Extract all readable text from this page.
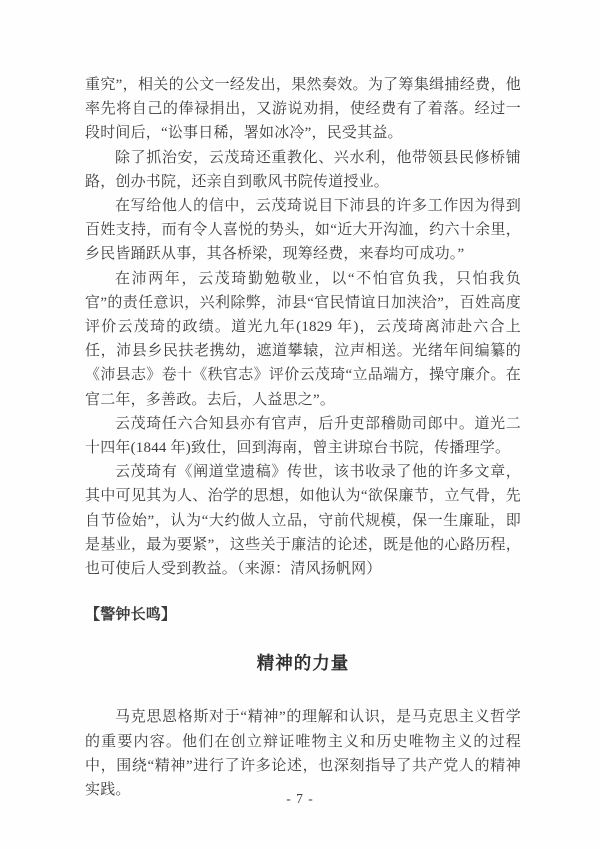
重究”，相关的公文一经发出，果然奏效。为了筹集缉捕经费，他率先将自己的俸禄捐出，又游说劝捐，使经费有了着落。经过一段时间后，“讼事日稀，署如冰冷”，民受其益。

除了抓治安，云茂琦还重教化、兴水利，他带领县民修桥铺路，创办书院，还亲自到歌风书院传道授业。

在写给他人的信中，云茂琦说目下沛县的许多工作因为得到百姓支持，而有令人喜悦的势头，如“近大开沟洫，约六十余里，乡民皆踊跃从事，其各桥梁，现筹经费，来春均可成功。”

在沛两年，云茂琦勤勉敬业，以“不怕官负我，只怕我负官”的责任意识，兴利除弊，沛县“官民情谊日加浃洽”，百姓高度评价云茂琦的政绩。道光九年(1829 年)，云茂琦离沛赴六合上任，沛县乡民扶老携幼，遮道攀辕，泣声相送。光绪年间编纂的《沛县志》卷十《秩官志》评价云茂琦“立品端方，操守廉介。在官二年，多善政。去后，人益思之”。

云茂琦任六合知县亦有官声，后升吏部稽勋司郎中。道光二十四年(1844 年)致仕，回到海南，曾主讲琼台书院，传播理学。

云茂琦有《阐道堂遗稿》传世，该书收录了他的许多文章，其中可见其为人、治学的思想，如他认为“欲保廉节，立气骨，先自节俭始”，认为“大约做人立品，守前代规模，保一生廉耻，即是基业，最为要紧”，这些关于廉洁的论述，既是他的心路历程，也可使后人受到教益。（来源：清风扬帆网）

【警钟长鸣】
精神的力量

马克思恩格斯对于“精神”的理解和认识，是马克思主义哲学的重要内容。他们在创立辩证唯物主义和历史唯物主义的过程中，围绕“精神”进行了许多论述，也深刻指导了共产党人的精神实践。

- 7 -
